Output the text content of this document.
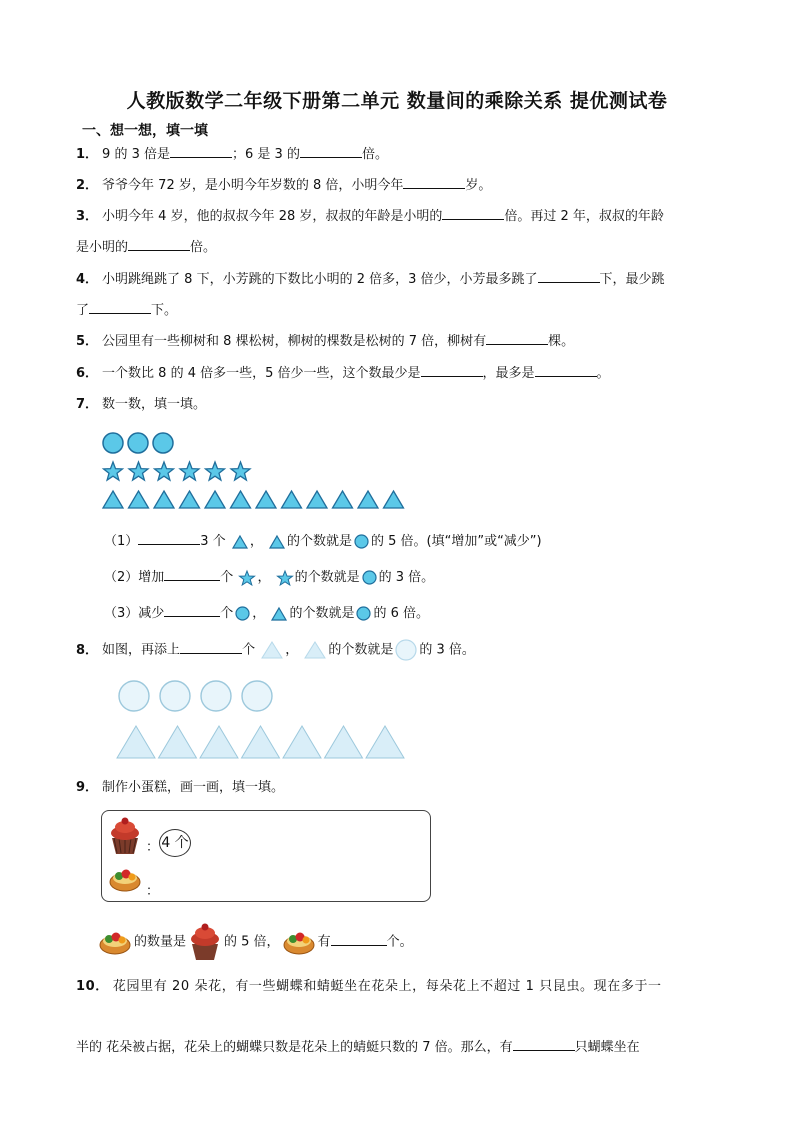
人教版数学二年级下册第二单元 数量间的乘除关系 提优测试卷
一、想一想，填一填
1． 9 的 3 倍是	；6 是 3 的	倍。
2． 爷爷今年 72 岁，是小明今年岁数的 8 倍，小明今年	岁。
3． 小明今年 4 岁，他的叔叔今年 28 岁，叔叔的年龄是小明的	倍。再过 2 年，叔叔的年龄
是小明的	倍。
4． 小明跳绳跳了 8 下，小芳跳的下数比小明的 2 倍多，3 倍少，小芳最多跳了	下，最少跳
了	下。
5． 公园里有一些柳树和 8 棵松树，柳树的棵数是松树的 7 倍，柳树有	棵。
6． 一个数比 8 的 4 倍多一些，5 倍少一些，这个数最少是	，最多是	。
7． 数一数，填一填。
（1）	3 个 ， 的个数就是 的 5 倍。(填“增加”或“减少”)
（2）增加	个 ， 的个数就是 的 3 倍。
（3）减少	个 ， 的个数就是 的 6 倍。
8． 如图，再添上	个 ， 的个数就是 的 3 倍。
9． 制作小蛋糕，画一画，填一填。
： 4 个
：
的数量是	的 5 倍，	有	个。
10． 花园里有 20 朵花，有一些蝴蝶和蜻蜓坐在花朵上，每朵花上不超过 1 只昆虫。现在多于一
半的 花朵被占据，花朵上的蝴蝶只数是花朵上的蜻蜓只数的 7 倍。那么，有	只蝴蝶坐在
